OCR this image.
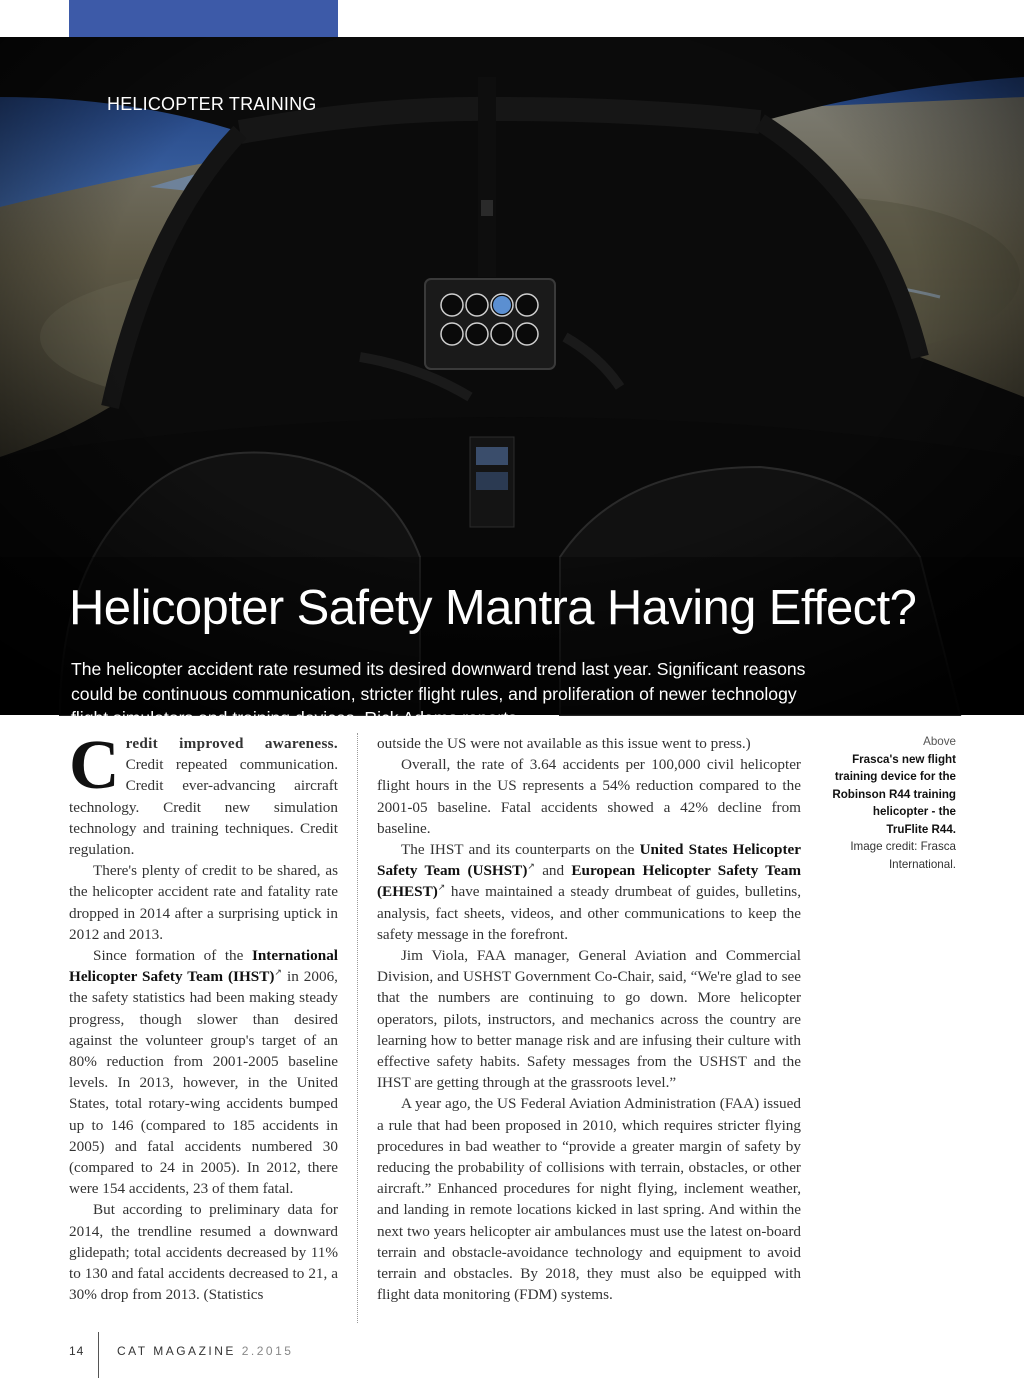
HELICOPTER TRAINING
Helicopter Safety Mantra Having Effect?

The helicopter accident rate resumed its desired downward trend last year. Significant reasons could be continuous communication, stricter flight rules, and proliferation of newer technology flight simulators and training devices. Rick Adams reports.

Credit improved awareness. Credit repeated communication. Credit ever-advancing aircraft technology. Credit new simulation technology and training techniques. Credit regulation.

There's plenty of credit to be shared, as the helicopter accident rate and fatality rate dropped in 2014 after a surprising uptick in 2012 and 2013.

Since formation of the International Helicopter Safety Team (IHST)↗ in 2006, the safety statistics had been making steady progress, though slower than desired against the volunteer group's target of an 80% reduction from 2001-2005 baseline levels. In 2013, however, in the United States, total rotary-wing accidents bumped up to 146 (compared to 185 accidents in 2005) and fatal accidents numbered 30 (compared to 24 in 2005). In 2012, there were 154 accidents, 23 of them fatal.

But according to preliminary data for 2014, the trendline resumed a downward glidepath; total accidents decreased by 11% to 130 and fatal accidents decreased to 21, a 30% drop from 2013. (Statistics

outside the US were not available as this issue went to press.)

Overall, the rate of 3.64 accidents per 100,000 civil helicopter flight hours in the US represents a 54% reduction compared to the 2001-05 baseline. Fatal accidents showed a 42% decline from baseline.

The IHST and its counterparts on the United States Helicopter Safety Team (USHST)↗ and European Helicopter Safety Team (EHEST)↗ have maintained a steady drumbeat of guides, bulletins, analysis, fact sheets, videos, and other communications to keep the safety message in the forefront.

Jim Viola, FAA manager, General Aviation and Commercial Division, and USHST Government Co-Chair, said, “We're glad to see that the numbers are continuing to go down. More helicopter operators, pilots, instructors, and mechanics across the country are learning how to better manage risk and are infusing their culture with effective safety habits. Safety messages from the USHST and the IHST are getting through at the grassroots level.”

A year ago, the US Federal Aviation Administration (FAA) issued a rule that had been proposed in 2010, which requires stricter flying procedures in bad weather to “provide a greater margin of safety by reducing the probability of collisions with terrain, obstacles, or other aircraft.” Enhanced procedures for night flying, inclement weather, and landing in remote locations kicked in last spring. And within the next two years helicopter air ambulances must use the latest on-board terrain and obstacle-avoidance technology and equipment to avoid terrain and obstacles. By 2018, they must also be equipped with flight data monitoring (FDM) systems.

Above
Frasca's new flight training device for the Robinson R44 training helicopter - the TruFlite R44.
Image credit: Frasca International.
14	CAT MAGAZINE 2.2015
